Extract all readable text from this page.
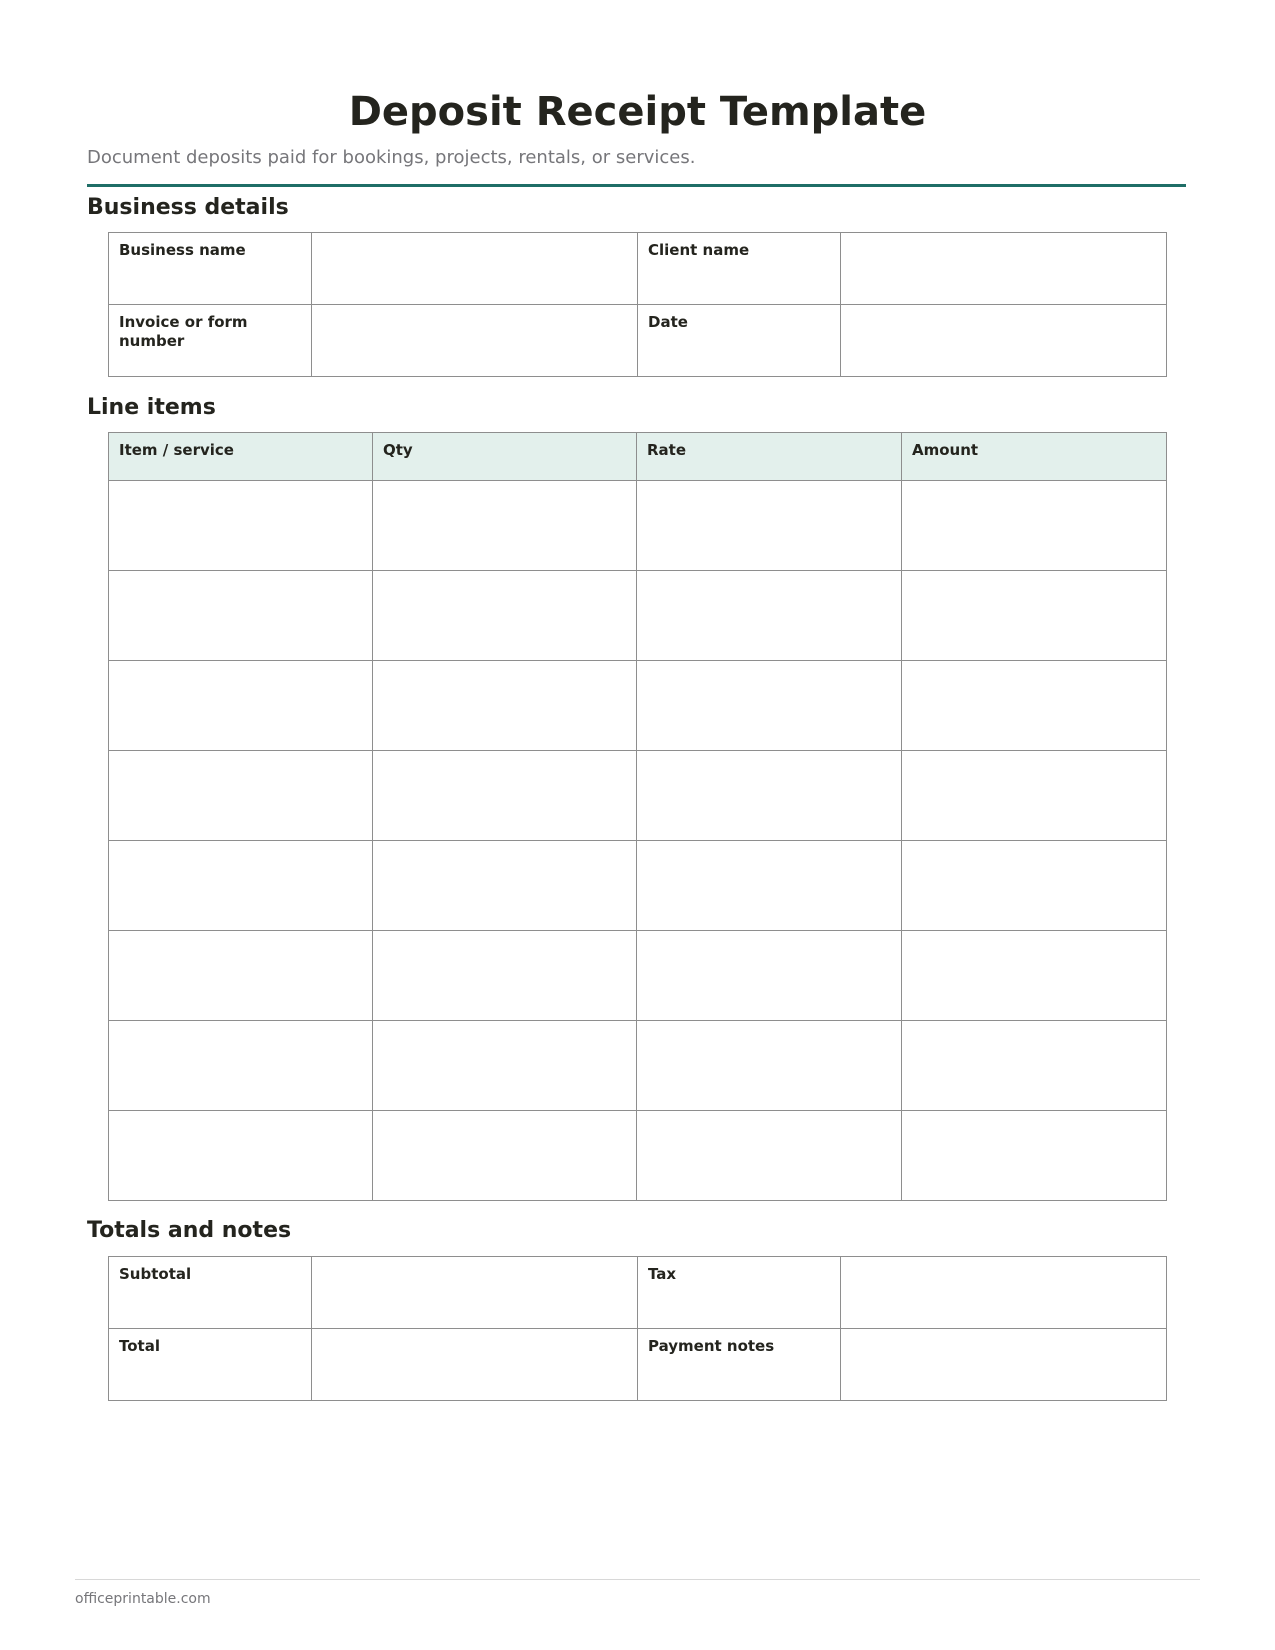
Deposit Receipt Template

Document deposits paid for bookings, projects, rentals, or services.

Business details
Business name		Client name	
Invoice or form number		Date	
Line items
Item / service	Qty	Rate	Amount

Totals and notes
Subtotal		Tax	
Total		Payment notes	

officeprintable.com
